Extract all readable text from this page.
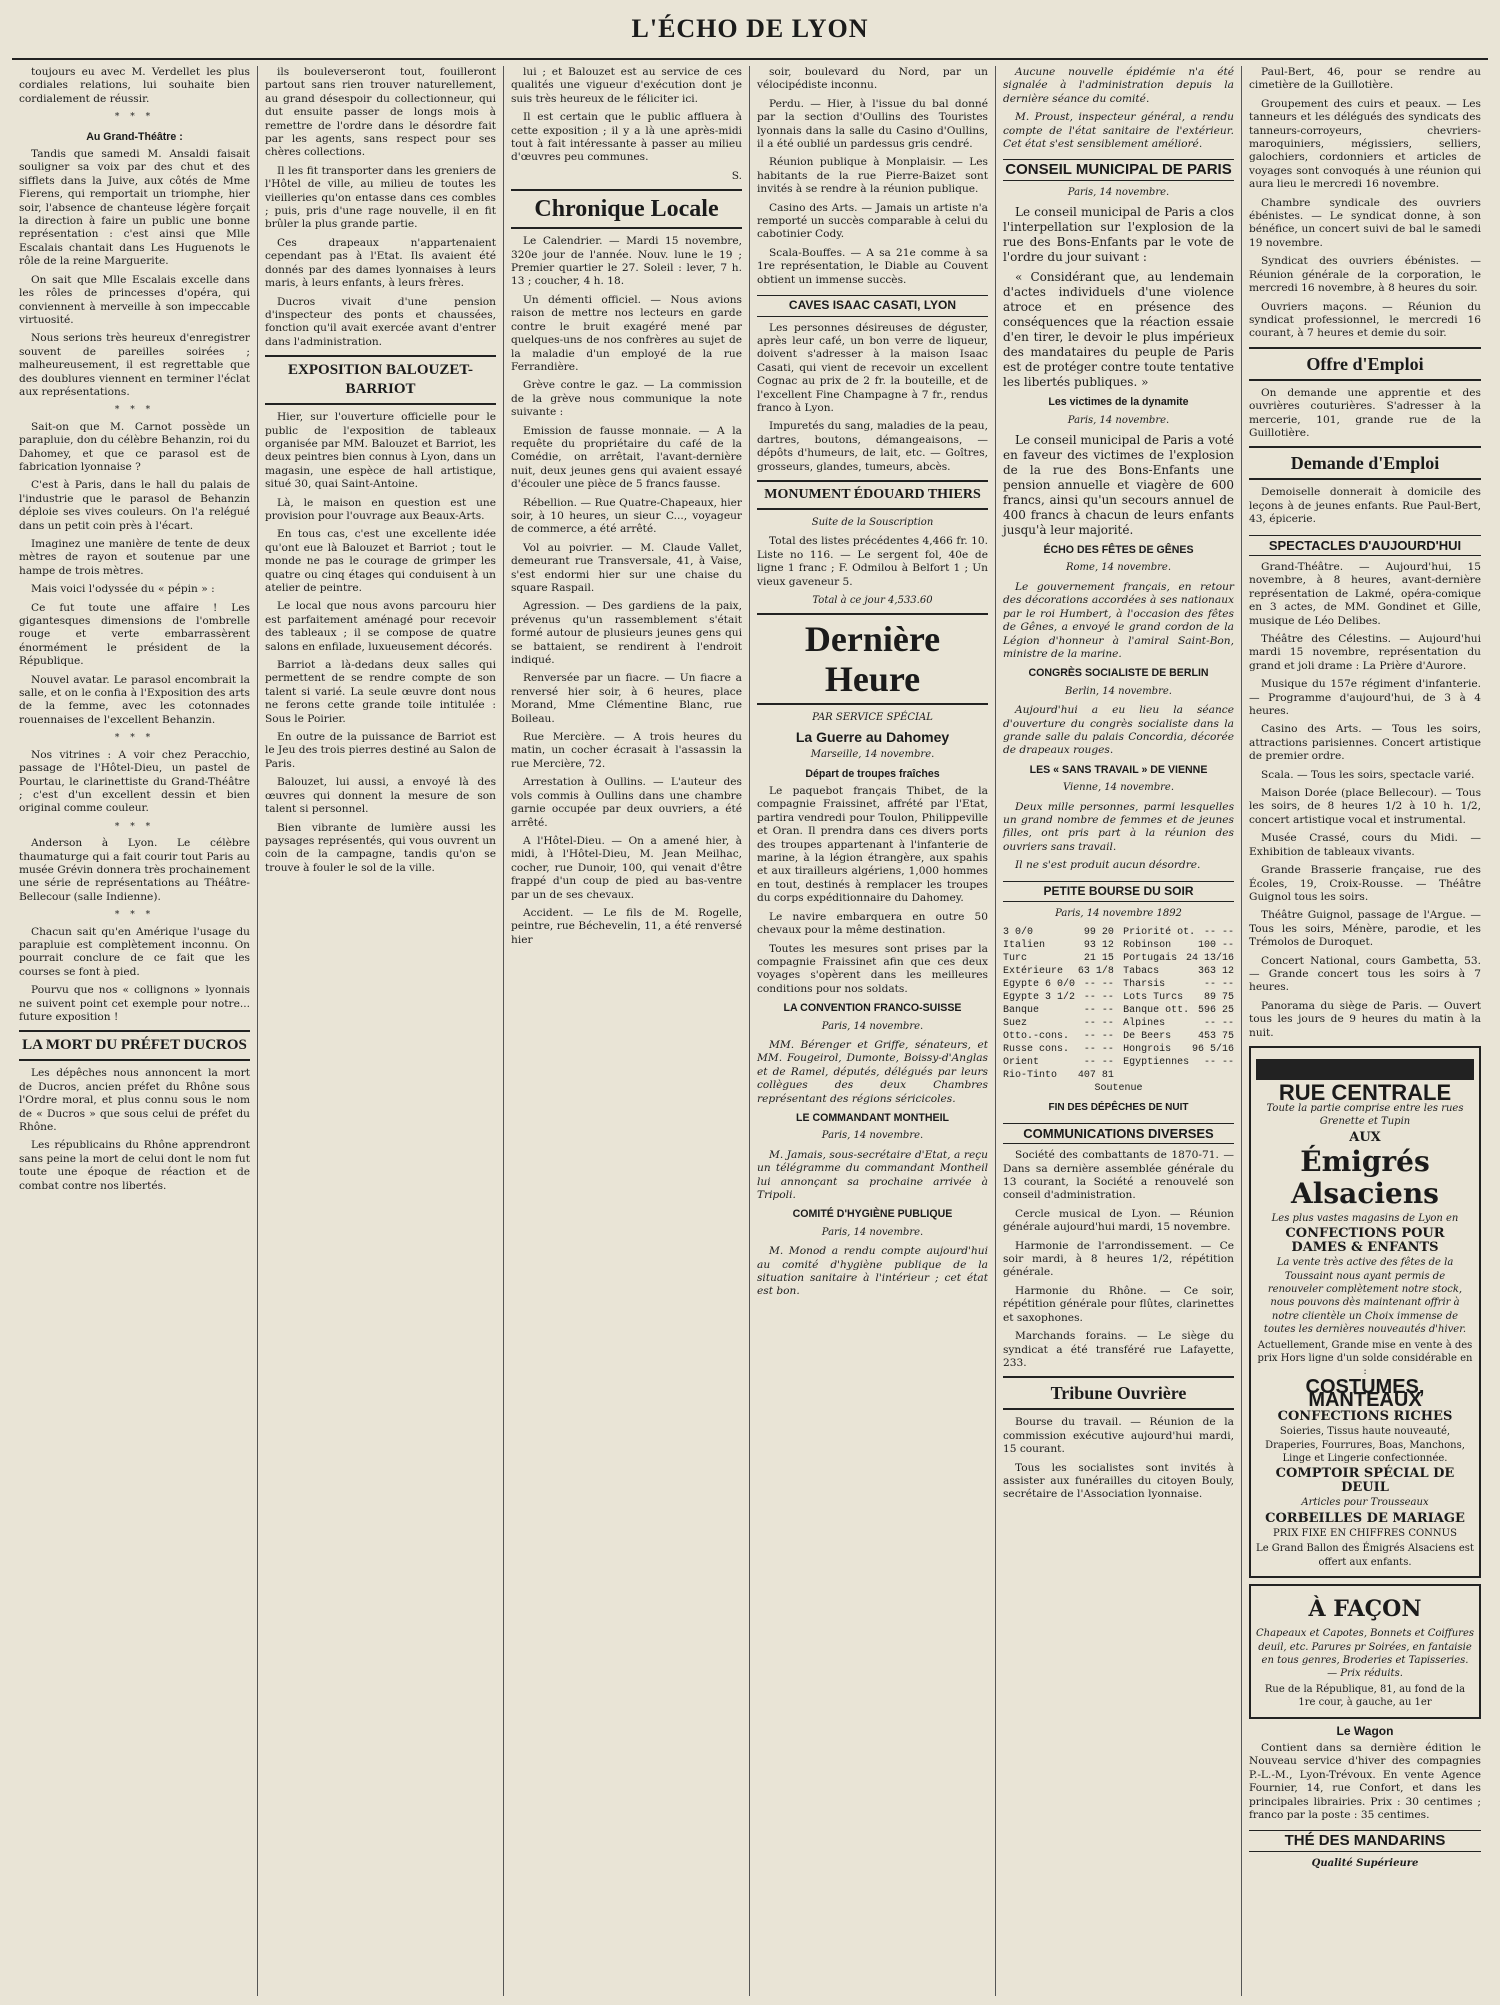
L'ÉCHO DE LYON

toujours eu avec M. Verdellet les plus cordiales relations, lui souhaite bien cordialement de réussir.

* * *
Au Grand-Théâtre :

Tandis que samedi M. Ansaldi faisait souligner sa voix par des chut et des sifflets dans la Juive, aux côtés de Mme Fierens, qui remportait un triomphe, hier soir, l'absence de chanteuse légère forçait la direction à faire un public une bonne représentation : c'est ainsi que Mlle Escalais chantait dans Les Huguenots le rôle de la reine Marguerite.

On sait que Mlle Escalais excelle dans les rôles de princesses d'opéra, qui conviennent à merveille à son impeccable virtuosité.

Nous serions très heureux d'enregistrer souvent de pareilles soirées ; malheureusement, il est regrettable que des doublures viennent en terminer l'éclat aux représentations.

* * *

Sait-on que M. Carnot possède un parapluie, don du célèbre Behanzin, roi du Dahomey, et que ce parasol est de fabrication lyonnaise ?

C'est à Paris, dans le hall du palais de l'industrie que le parasol de Behanzin déploie ses vives couleurs. On l'a relégué dans un petit coin près à l'écart.

Imaginez une manière de tente de deux mètres de rayon et soutenue par une hampe de trois mètres.

Mais voici l'odyssée du « pépin » :

Ce fut toute une affaire ! Les gigantesques dimensions de l'ombrelle rouge et verte embarrassèrent énormément le président de la République.

Nouvel avatar. Le parasol encombrait la salle, et on le confia à l'Exposition des arts de la femme, avec les cotonnades rouennaises de l'excellent Behanzin.

* * *

Nos vitrines : A voir chez Peracchio, passage de l'Hôtel-Dieu, un pastel de Pourtau, le clarinettiste du Grand-Théâtre ; c'est d'un excellent dessin et bien original comme couleur.

* * *

Anderson à Lyon. Le célèbre thaumaturge qui a fait courir tout Paris au musée Grévin donnera très prochainement une série de représentations au Théâtre-Bellecour (salle Indienne).

* * *

Chacun sait qu'en Amérique l'usage du parapluie est complètement inconnu. On pourrait conclure de ce fait que les courses se font à pied.

Pourvu que nos « collignons » lyonnais ne suivent point cet exemple pour notre... future exposition !

LA MORT DU PRÉFET DUCROS

Les dépêches nous annoncent la mort de Ducros, ancien préfet du Rhône sous l'Ordre moral, et plus connu sous le nom de « Ducros » que sous celui de préfet du Rhône.

Les républicains du Rhône apprendront sans peine la mort de celui dont le nom fut toute une époque de réaction et de combat contre nos libertés.

ils bouleverseront tout, fouilleront partout sans rien trouver naturellement, au grand désespoir du collectionneur, qui dut ensuite passer de longs mois à remettre de l'ordre dans le désordre fait par les agents, sans respect pour ses chères collections.

Il les fit transporter dans les greniers de l'Hôtel de ville, au milieu de toutes les vieilleries qu'on entasse dans ces combles ; puis, pris d'une rage nouvelle, il en fit brûler la plus grande partie.

Ces drapeaux n'appartenaient cependant pas à l'Etat. Ils avaient été donnés par des dames lyonnaises à leurs maris, à leurs enfants, à leurs frères.

Ducros vivait d'une pension d'inspecteur des ponts et chaussées, fonction qu'il avait exercée avant d'entrer dans l'administration.

EXPOSITION BALOUZET-BARRIOT

Hier, sur l'ouverture officielle pour le public de l'exposition de tableaux organisée par MM. Balouzet et Barriot, les deux peintres bien connus à Lyon, dans un magasin, une espèce de hall artistique, situé 30, quai Saint-Antoine.

Là, le maison en question est une provision pour l'ouvrage aux Beaux-Arts.

En tous cas, c'est une excellente idée qu'ont eue là Balouzet et Barriot ; tout le monde ne pas le courage de grimper les quatre ou cinq étages qui conduisent à un atelier de peintre.

Le local que nous avons parcouru hier est parfaitement aménagé pour recevoir des tableaux ; il se compose de quatre salons en enfilade, luxueusement décorés.

Barriot a là-dedans deux salles qui permettent de se rendre compte de son talent si varié. La seule œuvre dont nous ne ferons cette grande toile intitulée : Sous le Poirier.

En outre de la puissance de Barriot est le Jeu des trois pierres destiné au Salon de Paris.

Balouzet, lui aussi, a envoyé là des œuvres qui donnent la mesure de son talent si personnel.

Bien vibrante de lumière aussi les paysages représentés, qui vous ouvrent un coin de la campagne, tandis qu'on se trouve à fouler le sol de la ville.

lui ; et Balouzet est au service de ces qualités une vigueur d'exécution dont je suis très heureux de le féliciter ici.

Il est certain que le public affluera à cette exposition ; il y a là une après-midi tout à fait intéressante à passer au milieu d'œuvres peu communes.

S.
Chronique Locale

Le Calendrier. — Mardi 15 novembre, 320e jour de l'année. Nouv. lune le 19 ; Premier quartier le 27. Soleil : lever, 7 h. 13 ; coucher, 4 h. 18.

Un démenti officiel. — Nous avions raison de mettre nos lecteurs en garde contre le bruit exagéré mené par quelques-uns de nos confrères au sujet de la maladie d'un employé de la rue Ferrandière.

Grève contre le gaz. — La commission de la grève nous communique la note suivante :

Emission de fausse monnaie. — A la requête du propriétaire du café de la Comédie, on arrêtait, l'avant-dernière nuit, deux jeunes gens qui avaient essayé d'écouler une pièce de 5 francs fausse.

Rébellion. — Rue Quatre-Chapeaux, hier soir, à 10 heures, un sieur C..., voyageur de commerce, a été arrêté.

Vol au poivrier. — M. Claude Vallet, demeurant rue Transversale, 41, à Vaise, s'est endormi hier sur une chaise du square Raspail.

Agression. — Des gardiens de la paix, prévenus qu'un rassemblement s'était formé autour de plusieurs jeunes gens qui se battaient, se rendirent à l'endroit indiqué.

Renversée par un fiacre. — Un fiacre a renversé hier soir, à 6 heures, place Morand, Mme Clémentine Blanc, rue Boileau.

Rue Mercière. — A trois heures du matin, un cocher écrasait à l'assassin la rue Mercière, 72.

Arrestation à Oullins. — L'auteur des vols commis à Oullins dans une chambre garnie occupée par deux ouvriers, a été arrêté.

A l'Hôtel-Dieu. — On a amené hier, à midi, à l'Hôtel-Dieu, M. Jean Meilhac, cocher, rue Dunoir, 100, qui venait d'être frappé d'un coup de pied au bas-ventre par un de ses chevaux.

Accident. — Le fils de M. Rogelle, peintre, rue Béchevelin, 11, a été renversé hier

soir, boulevard du Nord, par un vélocipédiste inconnu.

Perdu. — Hier, à l'issue du bal donné par la section d'Oullins des Touristes lyonnais dans la salle du Casino d'Oullins, il a été oublié un pardessus gris cendré.

Réunion publique à Monplaisir. — Les habitants de la rue Pierre-Baizet sont invités à se rendre à la réunion publique.

Casino des Arts. — Jamais un artiste n'a remporté un succès comparable à celui du cabotinier Cody.

Scala-Bouffes. — A sa 21e comme à sa 1re représentation, le Diable au Couvent obtient un immense succès.

CAVES ISAAC CASATI, LYON

Les personnes désireuses de déguster, après leur café, un bon verre de liqueur, doivent s'adresser à la maison Isaac Casati, qui vient de recevoir un excellent Cognac au prix de 2 fr. la bouteille, et de l'excellent Fine Champagne à 7 fr., rendus franco à Lyon.

Impuretés du sang, maladies de la peau, dartres, boutons, démangeaisons, — dépôts d'humeurs, de lait, etc. — Goîtres, grosseurs, glandes, tumeurs, abcès.

MONUMENT ÉDOUARD THIERS
Suite de la Souscription

Total des listes précédentes 4,466 fr. 10. Liste no 116. — Le sergent fol, 40e de ligne 1 franc ; F. Odmilou à Belfort 1 ; Un vieux gaveneur 5.

Total à ce jour 4,533.60
Dernière Heure
PAR SERVICE SPÉCIAL
La Guerre au Dahomey
Marseille, 14 novembre.
Départ de troupes fraîches

Le paquebot français Thibet, de la compagnie Fraissinet, affrété par l'Etat, partira vendredi pour Toulon, Philippeville et Oran. Il prendra dans ces divers ports des troupes appartenant à l'infanterie de marine, à la légion étrangère, aux spahis et aux tirailleurs algériens, 1,000 hommes en tout, destinés à remplacer les troupes du corps expéditionnaire du Dahomey.

Le navire embarquera en outre 50 chevaux pour la même destination.

Toutes les mesures sont prises par la compagnie Fraissinet afin que ces deux voyages s'opèrent dans les meilleures conditions pour nos soldats.

LA CONVENTION FRANCO-SUISSE
Paris, 14 novembre.

MM. Bérenger et Griffe, sénateurs, et MM. Fougeirol, Dumonte, Boissy-d'Anglas et de Ramel, députés, délégués par leurs collègues des deux Chambres représentant des régions séricicoles.

LE COMMANDANT MONTHEIL
Paris, 14 novembre.

M. Jamais, sous-secrétaire d'Etat, a reçu un télégramme du commandant Montheil lui annonçant sa prochaine arrivée à Tripoli.

COMITÉ D'HYGIÈNE PUBLIQUE
Paris, 14 novembre.

M. Monod a rendu compte aujourd'hui au comité d'hygiène publique de la situation sanitaire à l'intérieur ; cet état est bon.

Aucune nouvelle épidémie n'a été signalée à l'administration depuis la dernière séance du comité.

M. Proust, inspecteur général, a rendu compte de l'état sanitaire de l'extérieur. Cet état s'est sensiblement amélioré.

CONSEIL MUNICIPAL DE PARIS
Paris, 14 novembre.

Le conseil municipal de Paris a clos l'interpellation sur l'explosion de la rue des Bons-Enfants par le vote de l'ordre du jour suivant :

« Considérant que, au lendemain d'actes individuels d'une violence atroce et en présence des conséquences que la réaction essaie d'en tirer, le devoir le plus impérieux des mandataires du peuple de Paris est de protéger contre toute tentative les libertés publiques. »

Les victimes de la dynamite
Paris, 14 novembre.

Le conseil municipal de Paris a voté en faveur des victimes de l'explosion de la rue des Bons-Enfants une pension annuelle et viagère de 600 francs, ainsi qu'un secours annuel de 400 francs à chacun de leurs enfants jusqu'à leur majorité.

ÉCHO DES FÊTES DE GÊNES
Rome, 14 novembre.

Le gouvernement français, en retour des décorations accordées à ses nationaux par le roi Humbert, à l'occasion des fêtes de Gênes, a envoyé le grand cordon de la Légion d'honneur à l'amiral Saint-Bon, ministre de la marine.

CONGRÈS SOCIALISTE DE BERLIN
Berlin, 14 novembre.

Aujourd'hui a eu lieu la séance d'ouverture du congrès socialiste dans la grande salle du palais Concordia, décorée de drapeaux rouges.

LES « SANS TRAVAIL » DE VIENNE
Vienne, 14 novembre.

Deux mille personnes, parmi lesquelles un grand nombre de femmes et de jeunes filles, ont pris part à la réunion des ouvriers sans travail.

Il ne s'est produit aucun désordre.

PETITE BOURSE DU SOIR
Paris, 14 novembre 1892
3 0/0	99 20
Italien	93 12
Turc	21 15
Extérieure 63 1/8
Egypte 6 0/0 -- --
Egypte 3 1/2 -- --
Banque	-- --
Suez	-- --
Otto.-cons. -- --
Russe cons. -- --
Orient	-- --
Rio-Tinto 407 81
Priorité ot. -- --
Robinson	100 --
Portugais 24 13/16
Tabacs	363 12
Tharsis	-- --
Lots Turcs 89 75
Banque ott. 596 25
Alpines	-- --
De Beers	453 75
Hongrois 96 5/16
Egyptiennes -- --
Soutenue
FIN DES DÉPÊCHES DE NUIT
COMMUNICATIONS DIVERSES

Société des combattants de 1870-71. — Dans sa dernière assemblée générale du 13 courant, la Société a renouvelé son conseil d'administration.

Cercle musical de Lyon. — Réunion générale aujourd'hui mardi, 15 novembre.

Harmonie de l'arrondissement. — Ce soir mardi, à 8 heures 1/2, répétition générale.

Harmonie du Rhône. — Ce soir, répétition générale pour flûtes, clarinettes et saxophones.

Marchands forains. — Le siège du syndicat a été transféré rue Lafayette, 233.

Tribune Ouvrière

Bourse du travail. — Réunion de la commission exécutive aujourd'hui mardi, 15 courant.

Tous les socialistes sont invités à assister aux funérailles du citoyen Bouly, secrétaire de l'Association lyonnaise.

Paul-Bert, 46, pour se rendre au cimetière de la Guillotière.

Groupement des cuirs et peaux. — Les tanneurs et les délégués des syndicats des tanneurs-corroyeurs, chevriers-maroquiniers, mégissiers, selliers, galochiers, cordonniers et articles de voyages sont convoqués à une réunion qui aura lieu le mercredi 16 novembre.

Chambre syndicale des ouvriers ébénistes. — Le syndicat donne, à son bénéfice, un concert suivi de bal le samedi 19 novembre.

Syndicat des ouvriers ébénistes. — Réunion générale de la corporation, le mercredi 16 novembre, à 8 heures du soir.

Ouvriers maçons. — Réunion du syndicat professionnel, le mercredi 16 courant, à 7 heures et demie du soir.

Offre d'Emploi

On demande une apprentie et des ouvrières couturières. S'adresser à la mercerie, 101, grande rue de la Guillotière.

Demande d'Emploi

Demoiselle donnerait à domicile des leçons à de jeunes enfants. Rue Paul-Bert, 43, épicerie.

SPECTACLES D'AUJOURD'HUI

Grand-Théâtre. — Aujourd'hui, 15 novembre, à 8 heures, avant-dernière représentation de Lakmé, opéra-comique en 3 actes, de MM. Gondinet et Gille, musique de Léo Delibes.

Théâtre des Célestins. — Aujourd'hui mardi 15 novembre, représentation du grand et joli drame : La Prière d'Aurore.

Musique du 157e régiment d'infanterie. — Programme d'aujourd'hui, de 3 à 4 heures.

Casino des Arts. — Tous les soirs, attractions parisiennes. Concert artistique de premier ordre.

Scala. — Tous les soirs, spectacle varié.

Maison Dorée (place Bellecour). — Tous les soirs, de 8 heures 1/2 à 10 h. 1/2, concert artistique vocal et instrumental.

Musée Crassé, cours du Midi. — Exhibition de tableaux vivants.

Grande Brasserie française, rue des Écoles, 19, Croix-Rousse. — Théâtre Guignol tous les soirs.

Théâtre Guignol, passage de l'Argue. — Tous les soirs, Ménère, parodie, et les Trémolos de Duroquet.

Concert National, cours Gambetta, 53. — Grande concert tous les soirs à 7 heures.

Panorama du siège de Paris. — Ouvert tous les jours de 9 heures du matin à la nuit.

RUE CENTRALE
Toute la partie comprise entre les rues Grenette et Tupin
AUX
Émigrés Alsaciens
Les plus vastes magasins de Lyon en
CONFECTIONS POUR DAMES & ENFANTS
La vente très active des fêtes de la Toussaint nous ayant permis de renouveler complètement notre stock, nous pouvons dès maintenant offrir à notre clientèle un Choix immense de toutes les dernières nouveautés d'hiver.
Actuellement, Grande mise en vente à des prix Hors ligne d'un solde considérable en :
COSTUMES, MANTEAUX
CONFECTIONS RICHES
Soieries, Tissus haute nouveauté, Draperies, Fourrures, Boas, Manchons, Linge et Lingerie confectionnée.
COMPTOIR SPÉCIAL DE DEUIL
Articles pour Trousseaux
CORBEILLES DE MARIAGE
PRIX FIXE EN CHIFFRES CONNUS
Le Grand Ballon des Émigrés Alsaciens est offert aux enfants.
À FAÇON
Chapeaux et Capotes, Bonnets et Coiffures deuil, etc. Parures pr Soirées, en fantaisie en tous genres, Broderies et Tapisseries. — Prix réduits.
Rue de la République, 81, au fond de la 1re cour, à gauche, au 1er
Le Wagon

Contient dans sa dernière édition le Nouveau service d'hiver des compagnies P.-L.-M., Lyon-Trévoux. En vente Agence Fournier, 14, rue Confort, et dans les principales librairies. Prix : 30 centimes ; franco par la poste : 35 centimes.

THÉ DES MANDARINS
Qualité Supérieure
